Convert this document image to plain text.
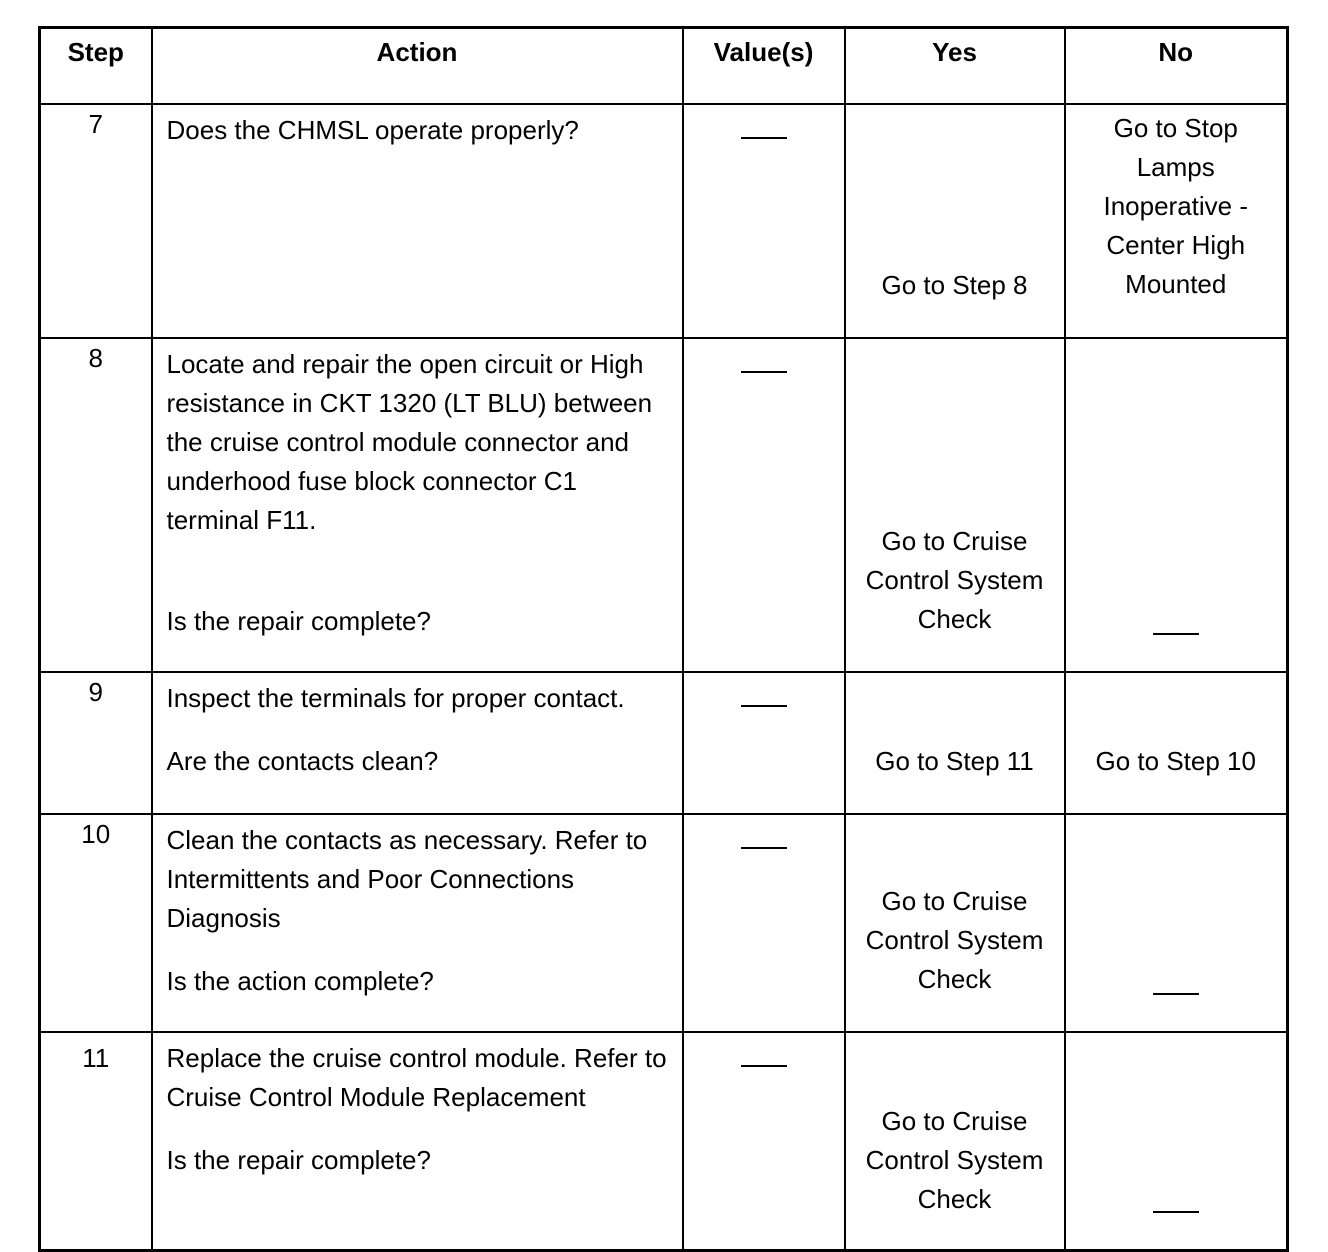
Step	Action	Value(s)	Yes	No
7	Does the CHMSL operate properly?		Go to Step 8	Go to Stop Lamps Inoperative - Center High Mounted

8	Locate and repair the open circuit or High resistance in CKT 1320 (LT BLU) between the cruise control module connector and underhood fuse block connector C1 terminal F11.
Is the repair complete?		Go to Cruise Control System Check	

9	Inspect the terminals for proper contact.
Are the contacts clean?		Go to Step 11	Go to Step 10

10	Clean the contacts as necessary. Refer to Intermittents and Poor Connections Diagnosis
Is the action complete?		Go to Cruise Control System Check	

11	Replace the cruise control module. Refer to Cruise Control Module Replacement
Is the repair complete?		Go to Cruise Control System Check	
